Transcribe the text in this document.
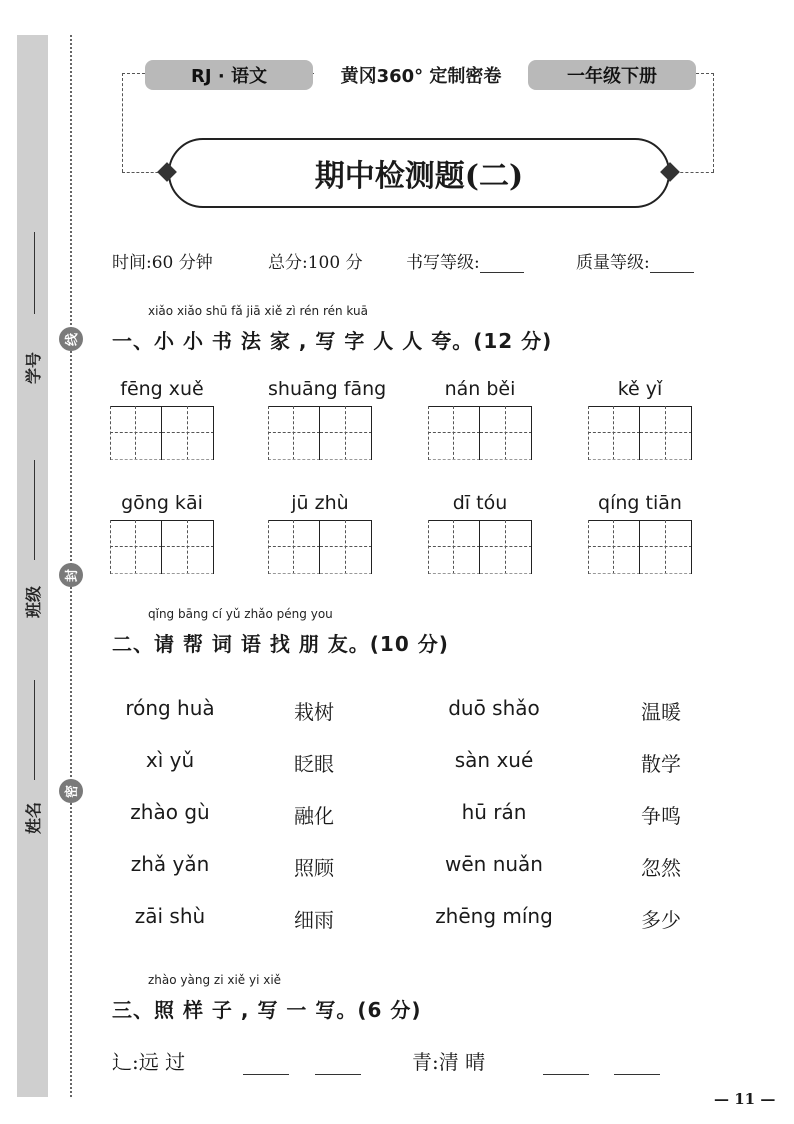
学号
班级
姓名
线
封
密
RJ · 语文	黄冈360° 定制密卷	一年级下册
期中检测题(二)
时间:60 分钟	总分:100 分	书写等级:	质量等级:
xiǎo xiǎo shū fǎ jiā xiě zì rén rén kuā
一、小 小 书 法 家 , 写 字 人 人 夸。(12 分)
fēng xuě	shuāng fāng	nán běi	kě yǐ
gōng kāi	jū zhù	dī tóu	qíng tiān
qǐng bāng cí yǔ zhǎo péng you
二、请 帮 词 语 找 朋 友。(10 分)
róng huà	栽树	duō shǎo	温暖
xì yǔ	眨眼	sàn xué	散学
zhào gù	融化	hū rán	争鸣
zhǎ yǎn	照顾	wēn nuǎn	忽然
zāi shù	细雨	zhēng míng	多少
zhào yàng zi xiě yi xiě
三、照 样 子 , 写 一 写。(6 分)
辶:远 过	青:清 晴
— 11 —
